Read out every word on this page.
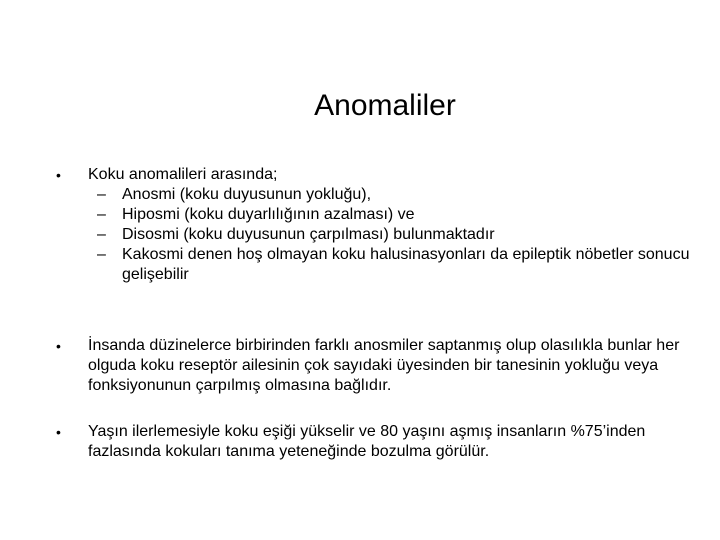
Anomaliler
•	Koku anomalileri arasında;
– Anosmi (koku duyusunun yokluğu),
– Hiposmi (koku duyarlılığının azalması) ve
– Disosmi (koku duyusunun çarpılması) bulunmaktadır
– Kakosmi denen hoş olmayan koku halusinasyonları da epileptik nöbetler sonucu gelişebilir
•	İnsanda düzinelerce birbirinden farklı anosmiler saptanmış olup olasılıkla bunlar her olguda koku reseptör ailesinin çok sayıdaki üyesinden bir tanesinin yokluğu veya fonksiyonunun çarpılmış olmasına bağlıdır.
•	Yaşın ilerlemesiyle koku eşiği yükselir ve 80 yaşını aşmış insanların %75’inden fazlasında kokuları tanıma yeteneğinde bozulma görülür.
